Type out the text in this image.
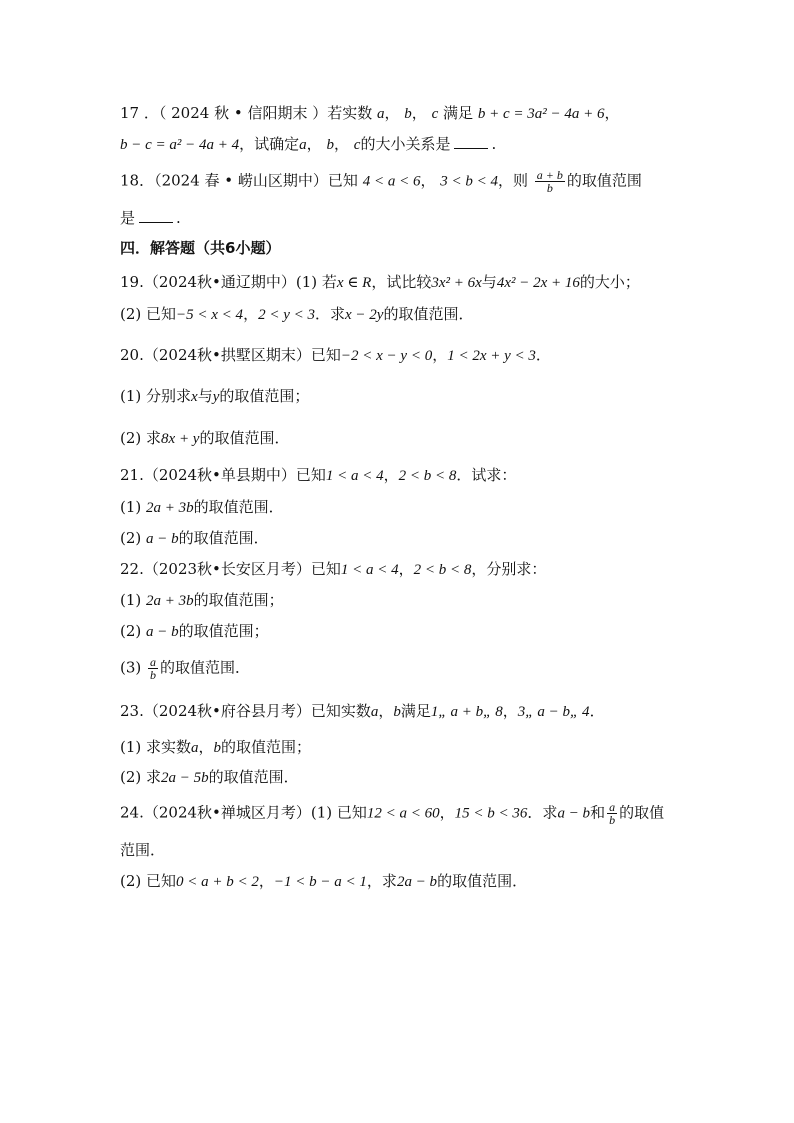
17 ．（ 2024 秋 • 信阳期末 ）若实数 a， b， c 满足 b + c = 3a² − 4a + 6，
b − c = a² − 4a + 4，试确定a， b， c的大小关系是	.
18．（2024 春 • 崂山区期中）已知 4 < a < 6， 3 < b < 4，则 $\frac{a + b}{b}$ 的取值范围
是	.
四．解答题（共6小题）
19.（2024秋•通辽期中）(1) 若x ∈ R，试比较3x² + 6x与4x² − 2x + 16的大小；
(2) 已知−5 < x < 4，2 < y < 3．求x − 2y的取值范围．
20.（2024秋•拱墅区期末）已知−2 < x − y < 0，1 < 2x + y < 3．
(1) 分别求x与y的取值范围；
(2) 求8x + y的取值范围．
21.（2024秋•单县期中）已知1 < a < 4，2 < b < 8．试求：
(1) 2a + 3b的取值范围．
(2) a − b的取值范围．
22.（2023秋•长安区月考）已知1 < a < 4，2 < b < 8，分别求：
(1) 2a + 3b的取值范围；
(2) a − b的取值范围；
$(3) \frac{a}{b}$ 的取值范围．
23.（2024秋•府谷县月考）已知实数a，b满足1„ a + b„ 8，3„ a − b„ 4．
(1) 求实数a，b的取值范围；
(2) 求2a − 5b的取值范围．
24.（2024秋•禅城区月考）(1) 已知12 < a < 60，15 < b < 36．求a − b和 $\frac{a}{b}$ 的取值
范围．
(2) 已知0 < a + b < 2，−1 < b − a < 1，求2a − b的取值范围．
